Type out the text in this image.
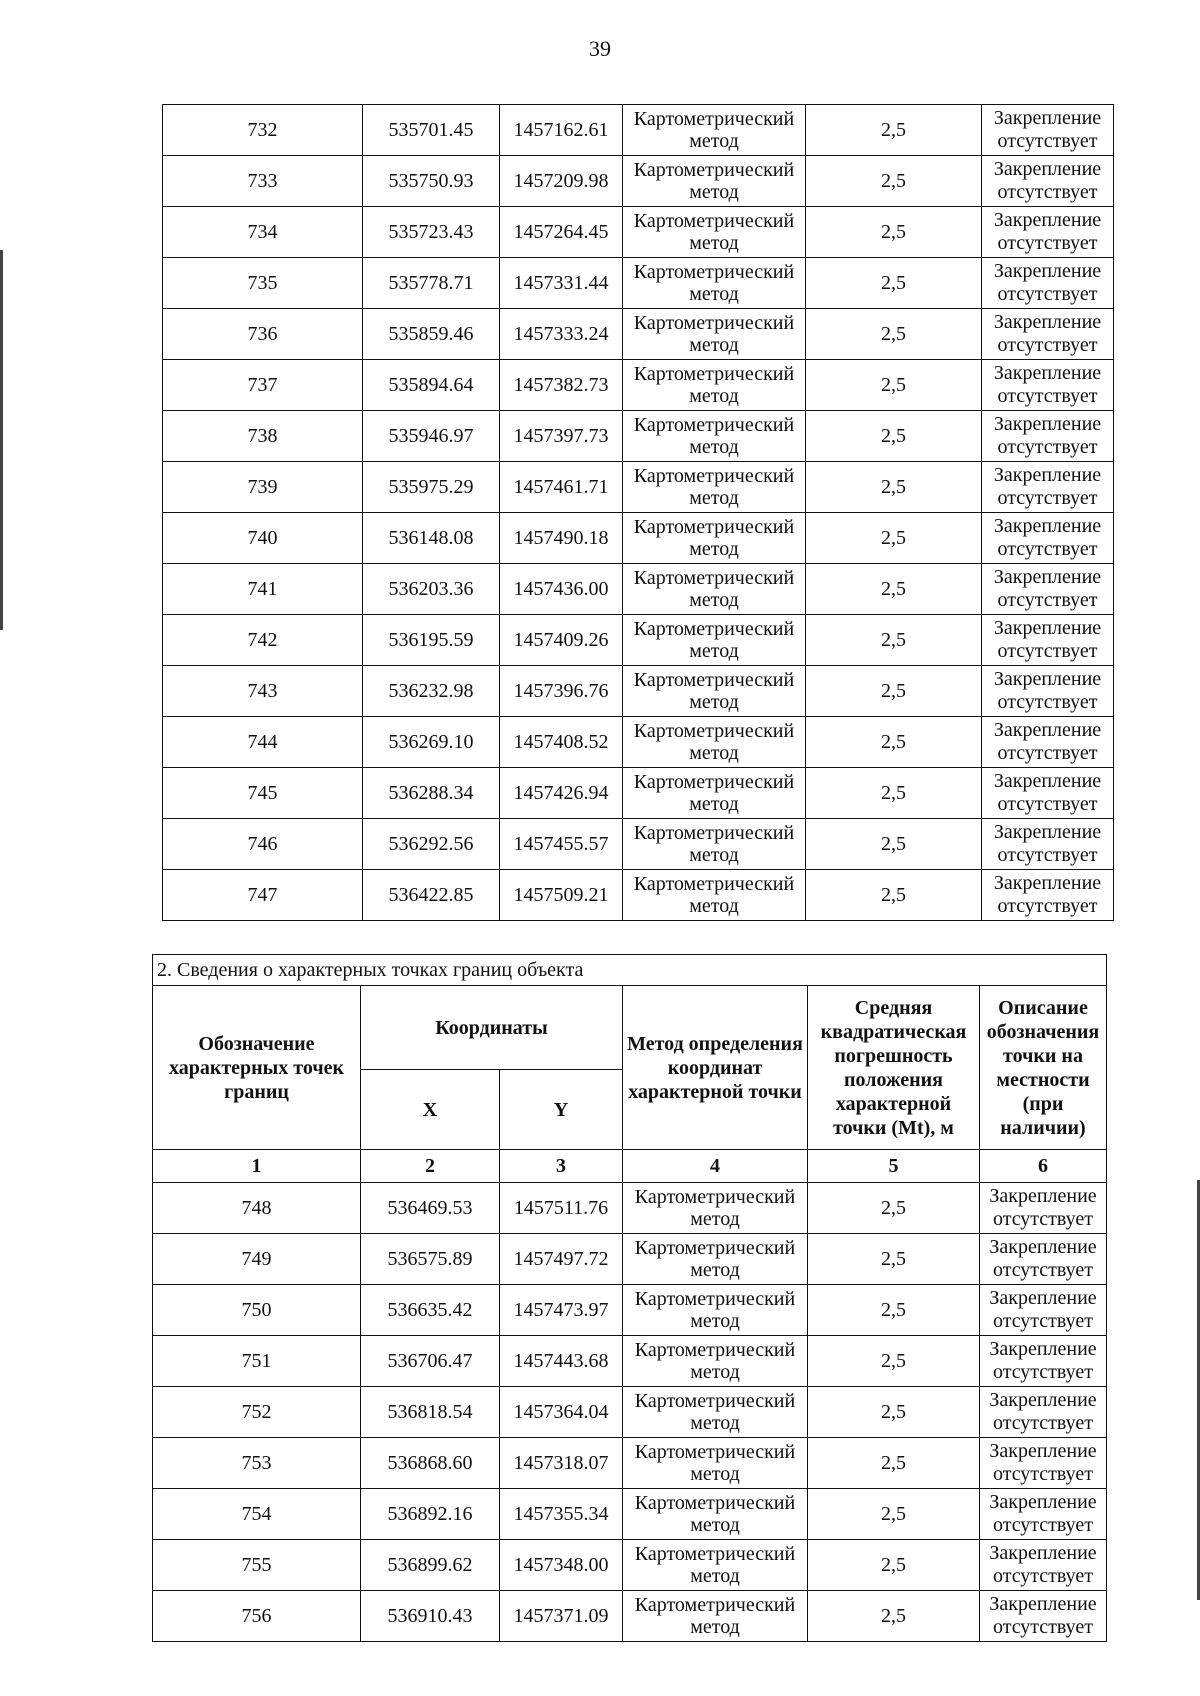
39
732	535701.45	1457162.61	Картометрический метод	2,5	Закрепление отсутствует
733	535750.93	1457209.98	Картометрический метод	2,5	Закрепление отсутствует
734	535723.43	1457264.45	Картометрический метод	2,5	Закрепление отсутствует
735	535778.71	1457331.44	Картометрический метод	2,5	Закрепление отсутствует
736	535859.46	1457333.24	Картометрический метод	2,5	Закрепление отсутствует
737	535894.64	1457382.73	Картометрический метод	2,5	Закрепление отсутствует
738	535946.97	1457397.73	Картометрический метод	2,5	Закрепление отсутствует
739	535975.29	1457461.71	Картометрический метод	2,5	Закрепление отсутствует
740	536148.08	1457490.18	Картометрический метод	2,5	Закрепление отсутствует
741	536203.36	1457436.00	Картометрический метод	2,5	Закрепление отсутствует
742	536195.59	1457409.26	Картометрический метод	2,5	Закрепление отсутствует
743	536232.98	1457396.76	Картометрический метод	2,5	Закрепление отсутствует
744	536269.10	1457408.52	Картометрический метод	2,5	Закрепление отсутствует
745	536288.34	1457426.94	Картометрический метод	2,5	Закрепление отсутствует
746	536292.56	1457455.57	Картометрический метод	2,5	Закрепление отсутствует
747	536422.85	1457509.21	Картометрический метод	2,5	Закрепление отсутствует
2. Сведения о характерных точках границ объекта					
Обозначение характерных точек границ	Координаты		Метод определения координат характерной точки	Средняя квадратическая погрешность положения характерной точки (Mt), м	Описание обозначения точки на местности (при наличии)
	X	Y			
1	2	3	4	5	6
748	536469.53	1457511.76	Картометрический метод	2,5	Закрепление отсутствует
749	536575.89	1457497.72	Картометрический метод	2,5	Закрепление отсутствует
750	536635.42	1457473.97	Картометрический метод	2,5	Закрепление отсутствует
751	536706.47	1457443.68	Картометрический метод	2,5	Закрепление отсутствует
752	536818.54	1457364.04	Картометрический метод	2,5	Закрепление отсутствует
753	536868.60	1457318.07	Картометрический метод	2,5	Закрепление отсутствует
754	536892.16	1457355.34	Картометрический метод	2,5	Закрепление отсутствует
755	536899.62	1457348.00	Картометрический метод	2,5	Закрепление отсутствует
756	536910.43	1457371.09	Картометрический метод	2,5	Закрепление отсутствует
